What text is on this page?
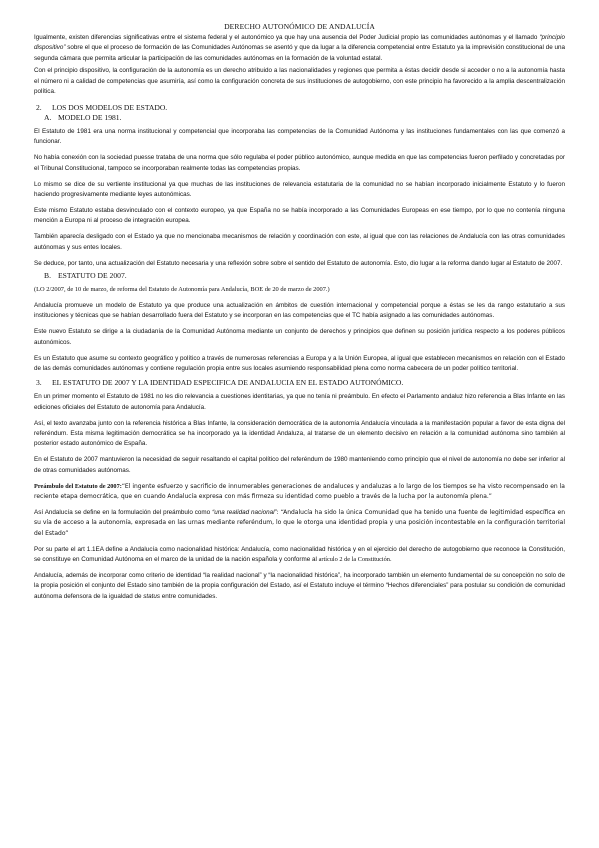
DERECHO AUTONÓMICO DE ANDALUCÍA

Igualmente, existen diferencias significativas entre el sistema federal y el autonómico ya que hay una ausencia del Poder Judicial propio las comunidades autónomas y el llamado “principio dispositivo” sobre el que el proceso de formación de las Comunidades Autónomas se asentó y que da lugar a la diferencia competencial entre Estatuto ya la imprevisión constitucional de una segunda cámara que permita articular la participación de las comunidades autónomas en la formación de la voluntad estatal.

Con el principio dispositivo, la configuración de la autonomía es un derecho atribuido a las nacionalidades y regiones que permita a éstas decidir desde si acceder o no a la autonomía hasta el número ni a calidad de competencias que asumiría, así como la configuración concreta de sus instituciones de autogobierno, con este principio ha favorecido a la amplia descentralización política.

2. LOS DOS MODELOS DE ESTADO.
A. MODELO DE 1981.

El Estatuto de 1981 era una norma institucional y competencial que incorporaba las competencias de la Comunidad Autónoma y las instituciones fundamentales con las que comenzó a funcionar.

No había conexión con la sociedad puesse trataba de una norma que sólo regulaba el poder público autonómico, aunque medida en que las competencias fueron perfilado y concretadas por el Tribunal Constitucional, tampoco se incorporaban realmente todas las competencias propias.

Lo mismo se dice de su vertiente institucional ya que muchas de las instituciones de relevancia estatutaria de la comunidad no se habían incorporado inicialmente Estatuto y lo fueron haciendo progresivamente mediante leyes autonómicas.

Este mismo Estatuto estaba desvinculado con el contexto europeo, ya que España no se había incorporado a las Comunidades Europeas en ese tiempo, por lo que no contenía ninguna mención a Europa ni al proceso de integración europea.

También aparecía desligado con el Estado ya que no mencionaba mecanismos de relación y coordinación con este, al igual que con las relaciones de Andalucía con las otras comunidades autónomas y sus entes locales.

Se deduce, por tanto, una actualización del Estatuto necesaria y una reflexión sobre sobre el sentido del Estatuto de autonomía. Esto, dio lugar a la reforma dando lugar al Estatuto de 2007.

B. ESTATUTO DE 2007.
(LO 2/2007, de 10 de marzo, de reforma del Estatuto de Autonomía para Andalucía, BOE de 20 de marzo de 2007.)

Andalucía promueve un modelo de Estatuto ya que produce una actualización en ámbitos de cuestión internacional y competencial porque a éstas se les da rango estatutario a sus instituciones y técnicas que se habían desarrollado fuera del Estatuto y se incorporan en las competencias que el TC había asignado a las comunidades autónomas.

Este nuevo Estatuto se dirige a la ciudadanía de la Comunidad Autónoma mediante un conjunto de derechos y principios que definen su posición jurídica respecto a los poderes públicos autonómicos.

Es un Estatuto que asume su contexto geográfico y político a través de numerosas referencias a Europa y a la Unión Europea, al igual que establecen mecanismos en relación con el Estado de las demás comunidades autónomas y contiene regulación propia entre sus locales asumiendo responsabilidad plena como norma cabecera de un poder político territorial.

3. EL ESTATUTO DE 2007 Y LA IDENTIDAD ESPECIFICA DE ANDALUCIA EN EL ESTADO AUTONÓMICO.

En un primer momento el Estatuto de 1981 no les dio relevancia a cuestiones identitarias, ya que no tenía ni preámbulo. En efecto el Parlamento andaluz hizo referencia a Blas Infante en las ediciones oficiales del Estatuto de autonomía para Andalucía.

Así, el texto avanzaba junto con la referencia histórica a Blas Infante, la consideración democrática de la autonomía Andalucía vinculada a la manifestación popular a favor de esta digna del referéndum. Esta misma legitimación democrática se ha incorporado ya la identidad Andaluza, al tratarse de un elemento decisivo en relación a la comunidad autónoma sino también al posterior estado autonómico de España.

En el Estatuto de 2007 mantuvieron la necesidad de seguir resaltando el capital político del referéndum de 1980 manteniendo como principio que el nivel de autonomía no debe ser inferior al de otras comunidades autónomas.

Preámbulo del Estatuto de 2007:“El ingente esfuerzo y sacrificio de innumerables generaciones de andaluces y andaluzas a lo largo de los tiempos se ha visto recompensado en la reciente etapa democrática, que en cuando Andalucía expresa con más firmeza su identidad como pueblo a través de la lucha por la autonomía plena.”

Así Andalucía se define en la formulación del preámbulo como “una realidad nacional”: “Andalucía ha sido la única Comunidad que ha tenido una fuente de legitimidad específica en su vía de acceso a la autonomía, expresada en las urnas mediante referéndum, lo que le otorga una identidad propia y una posición incontestable en la configuración territorial del Estado”

Por su parte el art 1.1EA define a Andalucía como nacionalidad histórica: Andalucía, como nacionalidad histórica y en el ejercicio del derecho de autogobierno que reconoce la Constitución, se constituye en Comunidad Autónoma en el marco de la unidad de la nación española y conforme al artículo 2 de la Constitución.

Andalucía, además de incorporar como criterio de identidad “la realidad nacional” y “la nacionalidad histórica”, ha incorporado también un elemento fundamental de su concepción no solo de la propia posición el conjunto del Estado sino también de la propia configuración del Estado, así el Estatuto incluye el término “Hechos diferenciales” para postular su condición de comunidad autónoma defensora de la igualdad de status entre comunidades.
